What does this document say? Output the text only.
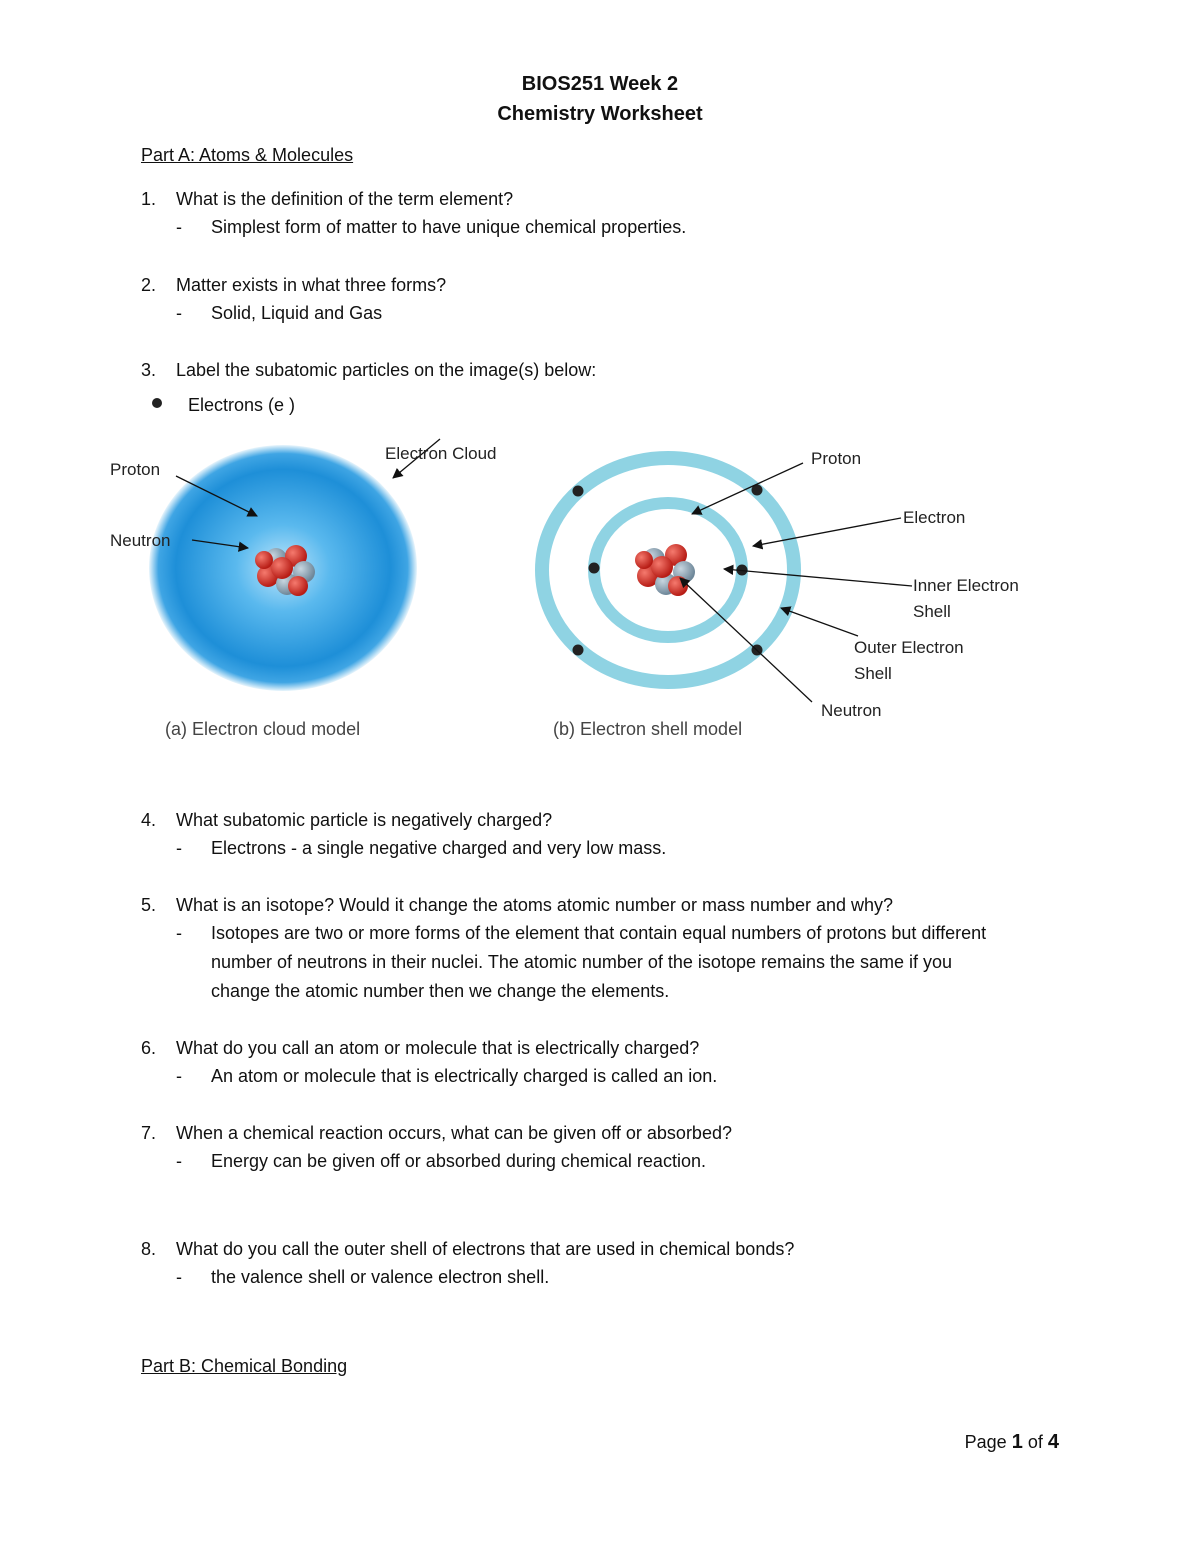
BIOS251 Week 2
Chemistry Worksheet
Part A: Atoms & Molecules
1. What is the definition of the term element?
- Simplest form of matter to have unique chemical properties.
2. Matter exists in what three forms?
- Solid, Liquid and Gas
3. Label the subatomic particles on the image(s) below:
Electrons (e )
Proton
Neutron
Electron Cloud	Proton
Electron
Inner Electron Shell
Outer Electron Shell
Neutron
(a) Electron cloud model	(b) Electron shell model
4. What subatomic particle is negatively charged?
- Electrons - a single negative charged and very low mass.
5. What is an isotope? Would it change the atoms atomic number or mass number and why?
- Isotopes are two or more forms of the element that contain equal numbers of protons but different number of neutrons in their nuclei. The atomic number of the isotope remains the same if you change the atomic number then we change the elements.
6. What do you call an atom or molecule that is electrically charged?
- An atom or molecule that is electrically charged is called an ion.
7. When a chemical reaction occurs, what can be given off or absorbed?
- Energy can be given off or absorbed during chemical reaction.
8. What do you call the outer shell of electrons that are used in chemical bonds?
- the valence shell or valence electron shell.
Part B: Chemical Bonding
Page 1 of 4
